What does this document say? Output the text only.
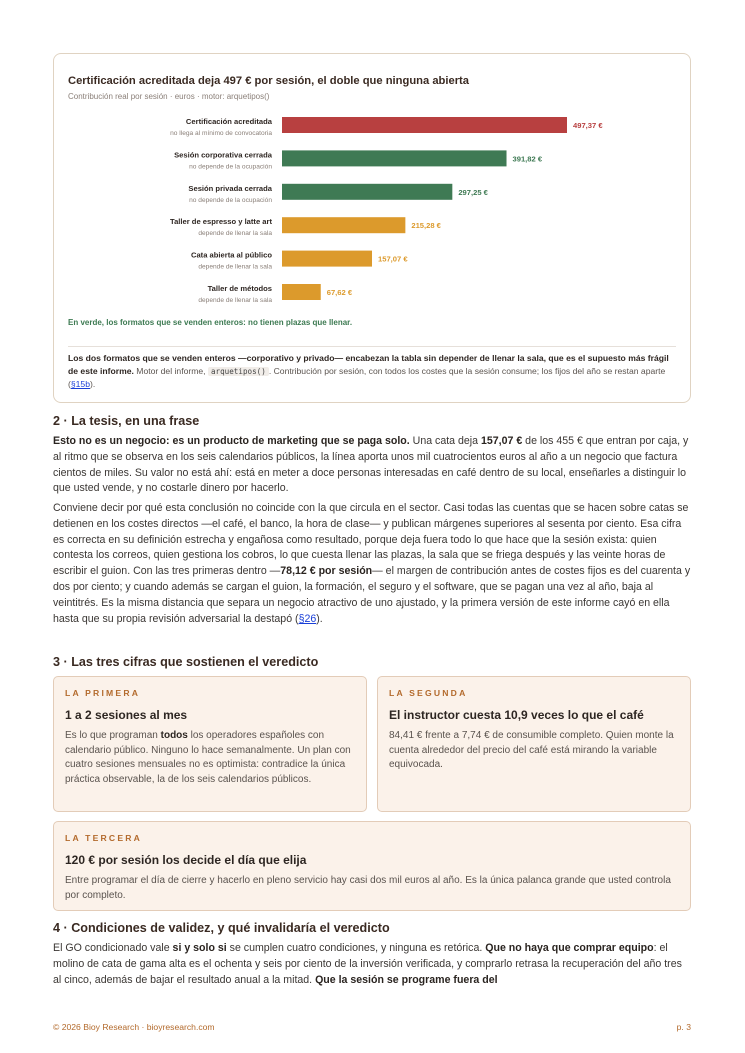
Certificación acreditada deja 497 € por sesión, el doble que ninguna abierta
Contribución real por sesión · euros · motor: arquetipos()
Certificación acreditada
no llega al mínimo de convocatoria
497,37 €
Sesión corporativa cerrada
no depende de la ocupación
391,82 €
Sesión privada cerrada
no depende de la ocupación
297,25 €
Taller de espresso y latte art
depende de llenar la sala
215,28 €
Cata abierta al público
depende de llenar la sala
157,07 €
Taller de métodos
depende de llenar la sala
67,62 €
En verde, los formatos que se venden enteros: no tienen plazas que llenar.
Los dos formatos que se venden enteros —corporativo y privado— encabezan la tabla sin depender de llenar la sala, que es el supuesto más frágil de este informe. Motor del informe, arquetipos() . Contribución por sesión, con todos los costes que la sesión consume; los fijos del año se restan aparte (§15b).
2 · La tesis, en una frase

Esto no es un negocio: es un producto de marketing que se paga solo. Una cata deja 157,07 € de los 455 € que entran por caja, y al ritmo que se observa en los seis calendarios públicos, la línea aporta unos mil cuatrocientos euros al año a un negocio que factura cientos de miles. Su valor no está ahí: está en meter a doce personas interesadas en café dentro de su local, enseñarles a distinguir lo que usted vende, y no costarle dinero por hacerlo.

Conviene decir por qué esta conclusión no coincide con la que circula en el sector. Casi todas las cuentas que se hacen sobre catas se detienen en los costes directos —el café, el banco, la hora de clase— y publican márgenes superiores al sesenta por ciento. Esa cifra es correcta en su definición estrecha y engañosa como resultado, porque deja fuera todo lo que hace que la sesión exista: quien contesta los correos, quien gestiona los cobros, lo que cuesta llenar las plazas, la sala que se friega después y las veinte horas de escribir el guion. Con las tres primeras dentro —78,12 € por sesión— el margen de contribución antes de costes fijos es del cuarenta y dos por ciento; y cuando además se cargan el guion, la formación, el seguro y el software, que se pagan una vez al año, baja al veintitrés. Es la misma distancia que separa un negocio atractivo de uno ajustado, y la primera versión de este informe cayó en ella hasta que su propia revisión adversarial la destapó (§26).

3 · Las tres cifras que sostienen el veredicto
LA PRIMERA
1 a 2 sesiones al mes
Es lo que programan todos los operadores españoles con calendario público. Ninguno lo hace semanalmente. Un plan con cuatro sesiones mensuales no es optimista: contradice la única práctica observable, la de los seis calendarios públicos.
LA SEGUNDA
El instructor cuesta 10,9 veces lo que el café
84,41 € frente a 7,74 € de consumible completo. Quien monte la cuenta alrededor del precio del café está mirando la variable equivocada.
LA TERCERA
120 € por sesión los decide el día que elija
Entre programar el día de cierre y hacerlo en pleno servicio hay casi dos mil euros al año. Es la única palanca grande que usted controla por completo.
4 · Condiciones de validez, y qué invalidaría el veredicto

El GO condicionado vale si y solo si se cumplen cuatro condiciones, y ninguna es retórica. Que no haya que comprar equipo: el molino de cata de gama alta es el ochenta y seis por ciento de la inversión verificada, y comprarlo retrasa la recuperación del año tres al cinco, además de bajar el resultado anual a la mitad. Que la sesión se programe fuera del

© 2026 Bioy Research · bioyresearch.com	p. 3
